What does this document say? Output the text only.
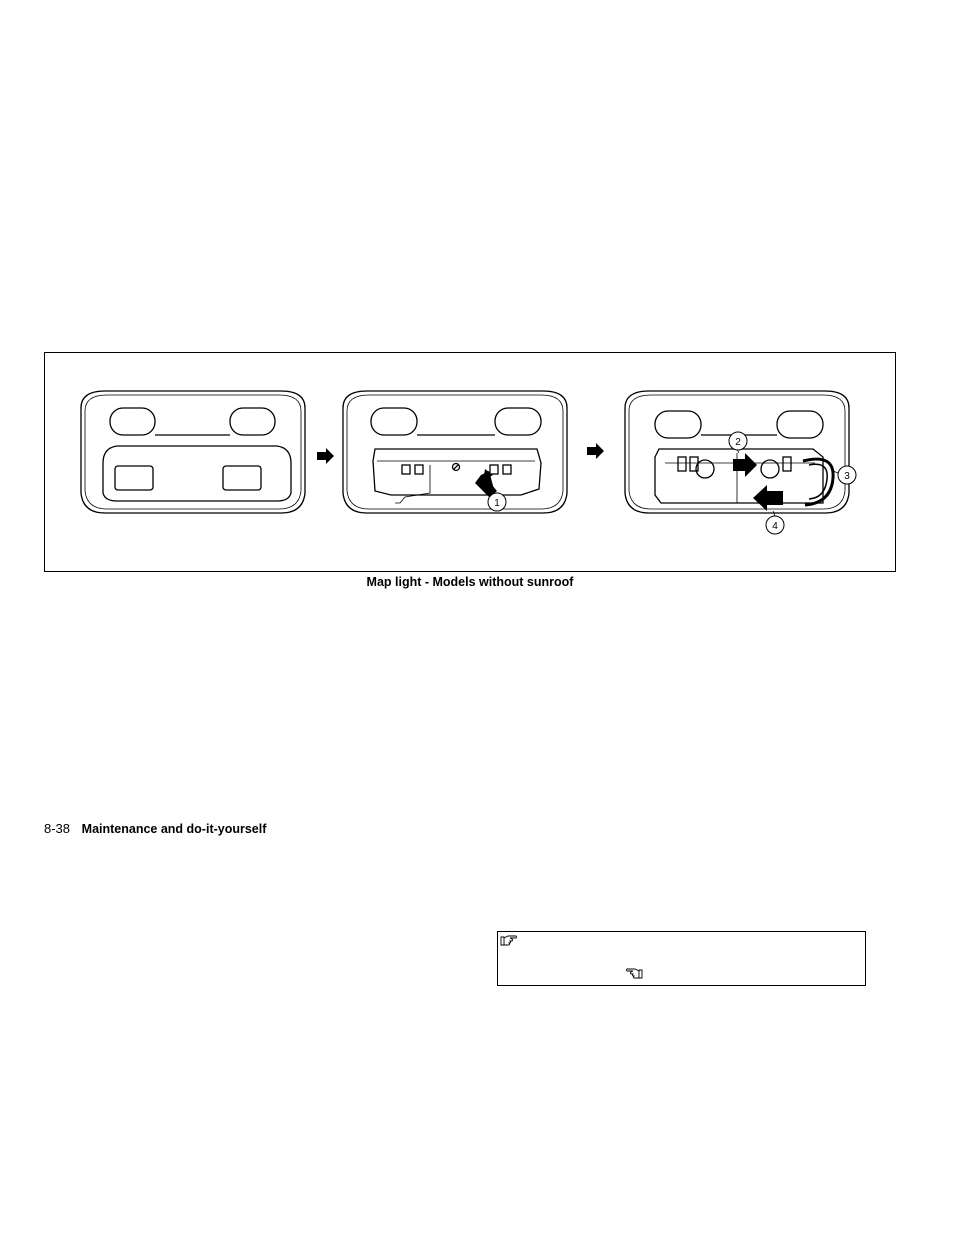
1
2
3
4
Map light - Models without sunroof
8-38 Maintenance and do-it-yourself
